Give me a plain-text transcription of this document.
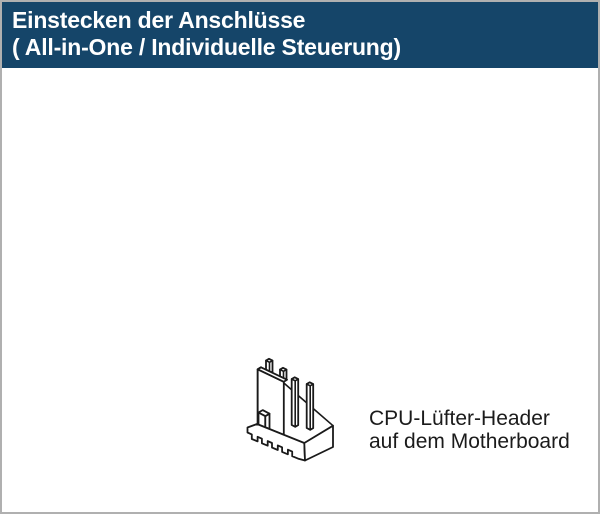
Einstecken der Anschlüsse
( All-in-One / Individuelle Steuerung)
CPU-Lüfter-Header
auf dem Motherboard
